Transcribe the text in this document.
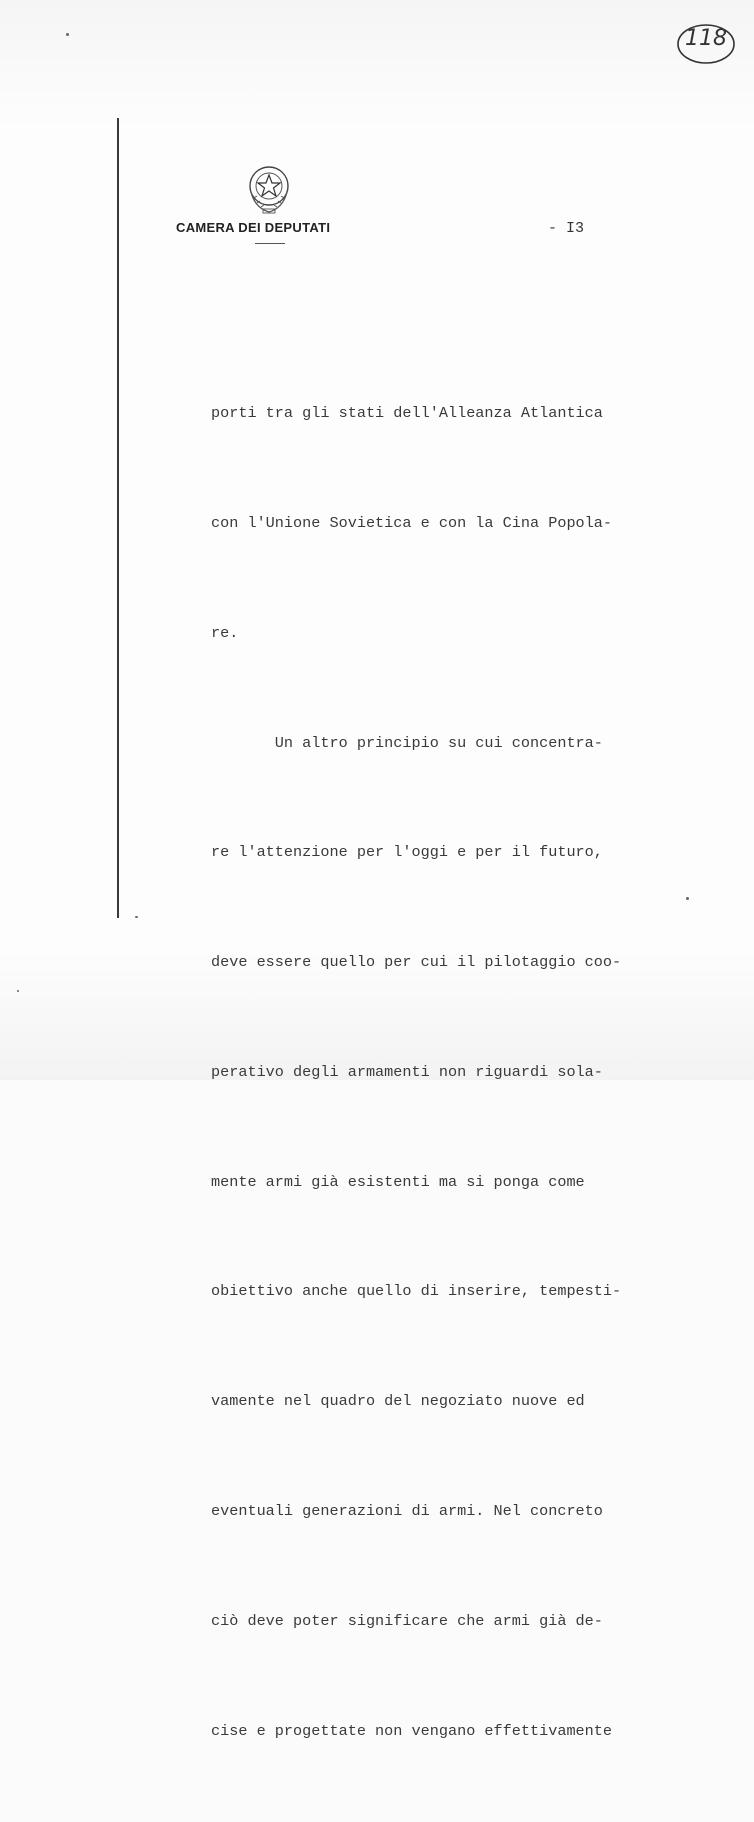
118
CAMERA DEI DEPUTATI	- I3

porti tra gli stati dell'Alleanza Atlantica

con l'Unione Sovietica e con la Cina Popola-

re.

Un altro principio su cui concentra-

re l'attenzione per l'oggi e per il futuro,

deve essere quello per cui il pilotaggio coo-

perativo degli armamenti non riguardi sola-

mente armi già esistenti ma si ponga come

obiettivo anche quello di inserire, tempesti-

vamente nel quadro del negoziato nuove ed

eventuali generazioni di armi. Nel concreto

ciò deve poter significare che armi già de-

cise e progettate non vengano effettivamente
